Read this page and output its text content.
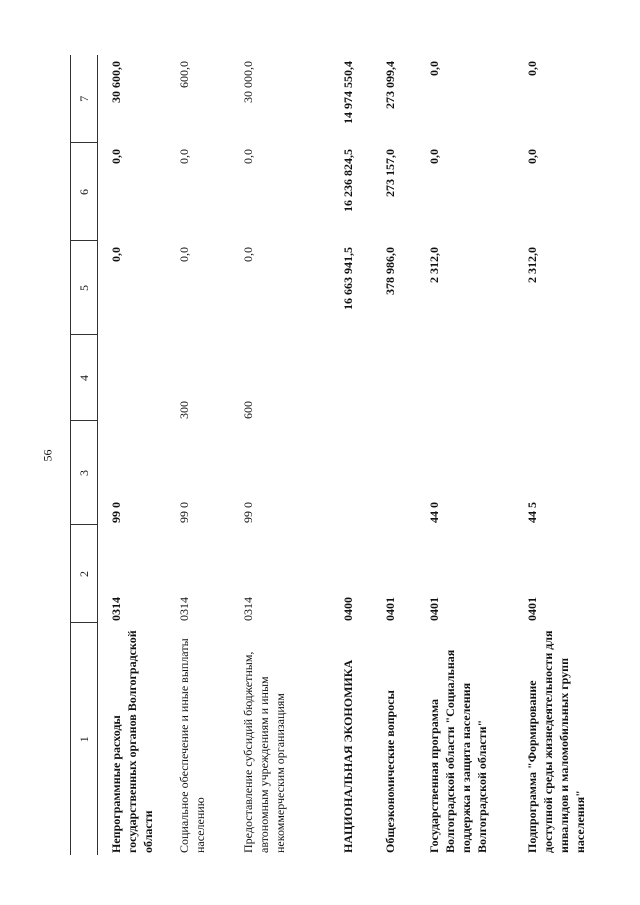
56
1	2	3	4	5	6	7
Непрограммные расходы государственных органов Волгоградской области	0314	99 0		0,0	0,0	30 600,0
Социальное обеспечение и иные выплаты населению	0314	99 0	300	0,0	0,0	600,0
Предоставление субсидий бюджетным, автономным учреждениям и иным некоммерческим организациям	0314	99 0	600	0,0	0,0	30 000,0
НАЦИОНАЛЬНАЯ ЭКОНОМИКА	0400			16 663 941,5	16 236 824,5	14 974 550,4
Общеэкономические вопросы	0401			378 986,0	273 157,0	273 099,4
Государственная программа Волгоградской области "Социальная поддержка и защита населения Волгоградской области"	0401	44 0		2 312,0	0,0	0,0
Подпрограмма "Формирование доступной среды жизнедеятельности для инвалидов и маломобильных групп населения"	0401	44 5		2 312,0	0,0	0,0
